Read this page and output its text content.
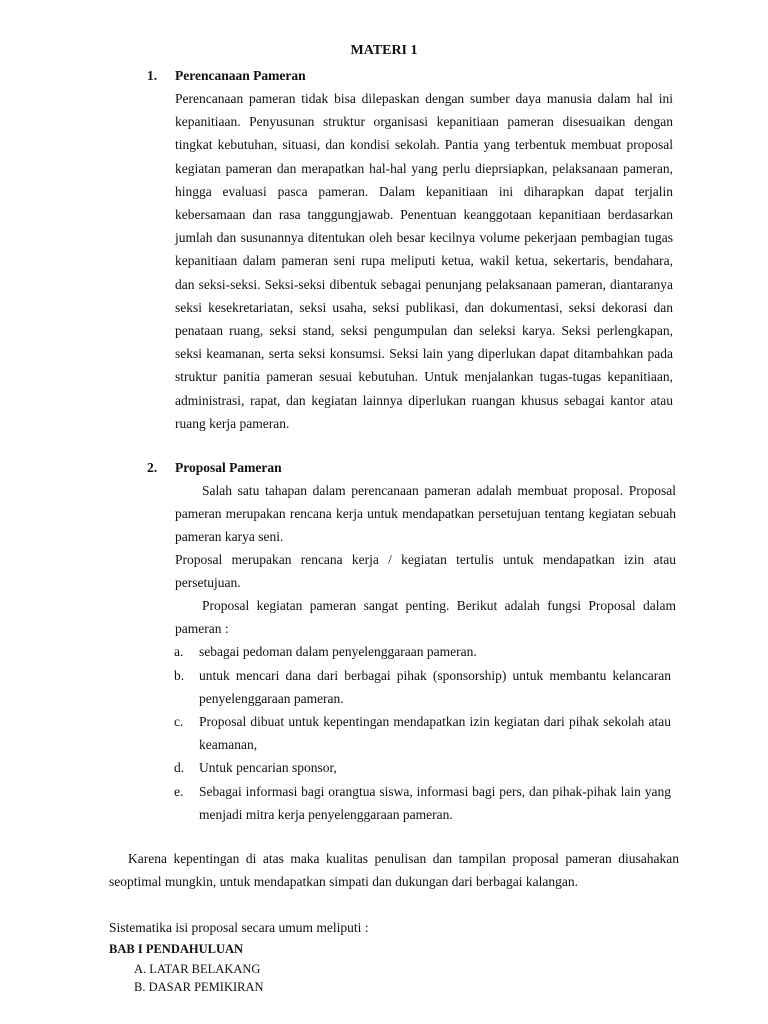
MATERI 1
1. Perencanaan Pameran

Perencanaan pameran tidak bisa dilepaskan dengan sumber daya manusia dalam hal ini kepanitiaan. Penyusunan struktur organisasi kepanitiaan pameran disesuaikan dengan tingkat kebutuhan, situasi, dan kondisi sekolah. Pantia yang terbentuk membuat proposal kegiatan pameran dan merapatkan hal-hal yang perlu dieprsiapkan, pelaksanaan pameran, hingga evaluasi pasca pameran. Dalam kepanitiaan ini diharapkan dapat terjalin kebersamaan dan rasa tanggungjawab. Penentuan keanggotaan kepanitiaan berdasarkan jumlah dan susunannya ditentukan oleh besar kecilnya volume pekerjaan pembagian tugas kepanitiaan dalam pameran seni rupa meliputi ketua, wakil ketua, sekertaris, bendahara, dan seksi-seksi. Seksi-seksi dibentuk sebagai penunjang pelaksanaan pameran, diantaranya seksi kesekretariatan, seksi usaha, seksi publikasi, dan dokumentasi, seksi dekorasi dan penataan ruang, seksi stand, seksi pengumpulan dan seleksi karya. Seksi perlengkapan, seksi keamanan, serta seksi konsumsi. Seksi lain yang diperlukan dapat ditambahkan pada struktur panitia pameran sesuai kebutuhan. Untuk menjalankan tugas-tugas kepanitiaan, administrasi, rapat, dan kegiatan lainnya diperlukan ruangan khusus sebagai kantor atau ruang kerja pameran.

2. Proposal Pameran

Salah satu tahapan dalam perencanaan pameran adalah membuat proposal. Proposal pameran merupakan rencana kerja untuk mendapatkan persetujuan tentang kegiatan sebuah pameran karya seni.

Proposal merupakan rencana kerja / kegiatan tertulis untuk mendapatkan izin atau persetujuan.

Proposal kegiatan pameran sangat penting. Berikut adalah fungsi Proposal dalam pameran :

a. sebagai pedoman dalam penyelenggaraan pameran.
b. untuk mencari dana dari berbagai pihak (sponsorship) untuk membantu kelancaran penyelenggaraan pameran.
c. Proposal dibuat untuk kepentingan mendapatkan izin kegiatan dari pihak sekolah atau keamanan,
d. Untuk pencarian sponsor,
e. Sebagai informasi bagi orangtua siswa, informasi bagi pers, dan pihak-pihak lain yang menjadi mitra kerja penyelenggaraan pameran.

Karena kepentingan di atas maka kualitas penulisan dan tampilan proposal pameran diusahakan seoptimal mungkin, untuk mendapatkan simpati dan dukungan dari berbagai kalangan.

Sistematika isi proposal secara umum meliputi :

BAB I PENDAHULUAN
A. LATAR BELAKANG
B. DASAR PEMIKIRAN
